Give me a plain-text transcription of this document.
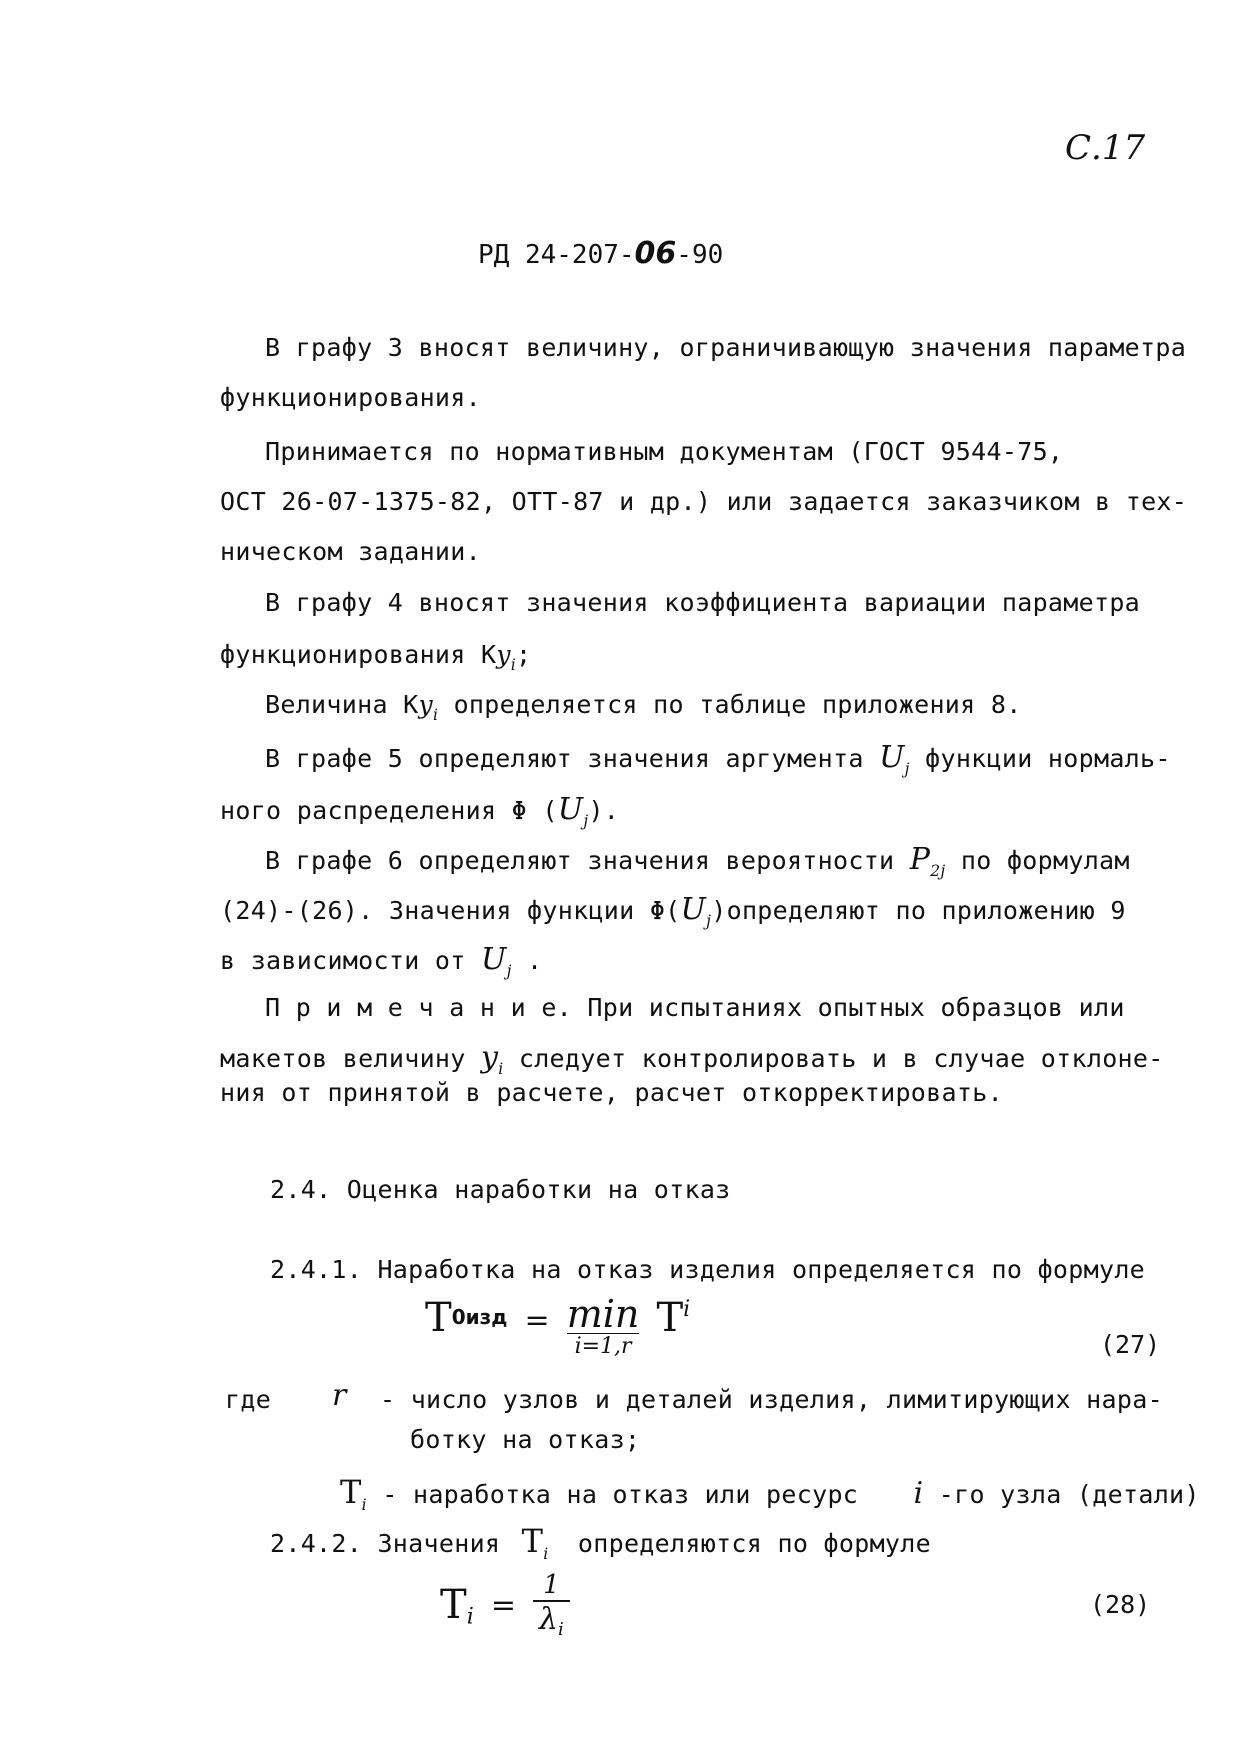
С.17
РД 24-207-06-90
В графу 3 вносят величину, ограничивающую значения параметра
функционирования.
Принимается по нормативным документам (ГОСТ 9544-75,
ОСТ 26-07-1375-82, ОТТ-87 и др.) или задается заказчиком в тех-
ническом задании.
В графу 4 вносят значения коэффициента вариации параметра
функционирования $Кy_i$;
Величина $Кy_i$ определяется по таблице приложения 8.
В графе 5 определяют значения аргумента $U_j$ функции нормаль-
ного распределения Φ $(U_j)$.
В графе 6 определяют значения вероятности $P_{2j}$ по формулам
(24)-(26). Значения функции $\Phi(U_j)определяют$ по приложению 9
в зависимости от $U_j$ .
П р и м е ч а н и е. При испытаниях опытных образцов или
макетов величину $y_i$ следует контролировать и в случае отклоне-
ния от принятой в расчете, расчет откорректировать.
2.4. Оценка наработки на отказ
2.4.1. Наработка на отказ изделия определяется по формуле
T0изд = min
i=1,r
Ti
(27)
где r - число узлов и деталей изделия, лимитирующих нара-
ботку на отказ;
$T_i$ - наработка на отказ или ресурс i -го узла (детали)
2.4.2. Значения $T_i$ определяются по формуле
$Ti = \frac{1}{\lambda_i}$	(28)
